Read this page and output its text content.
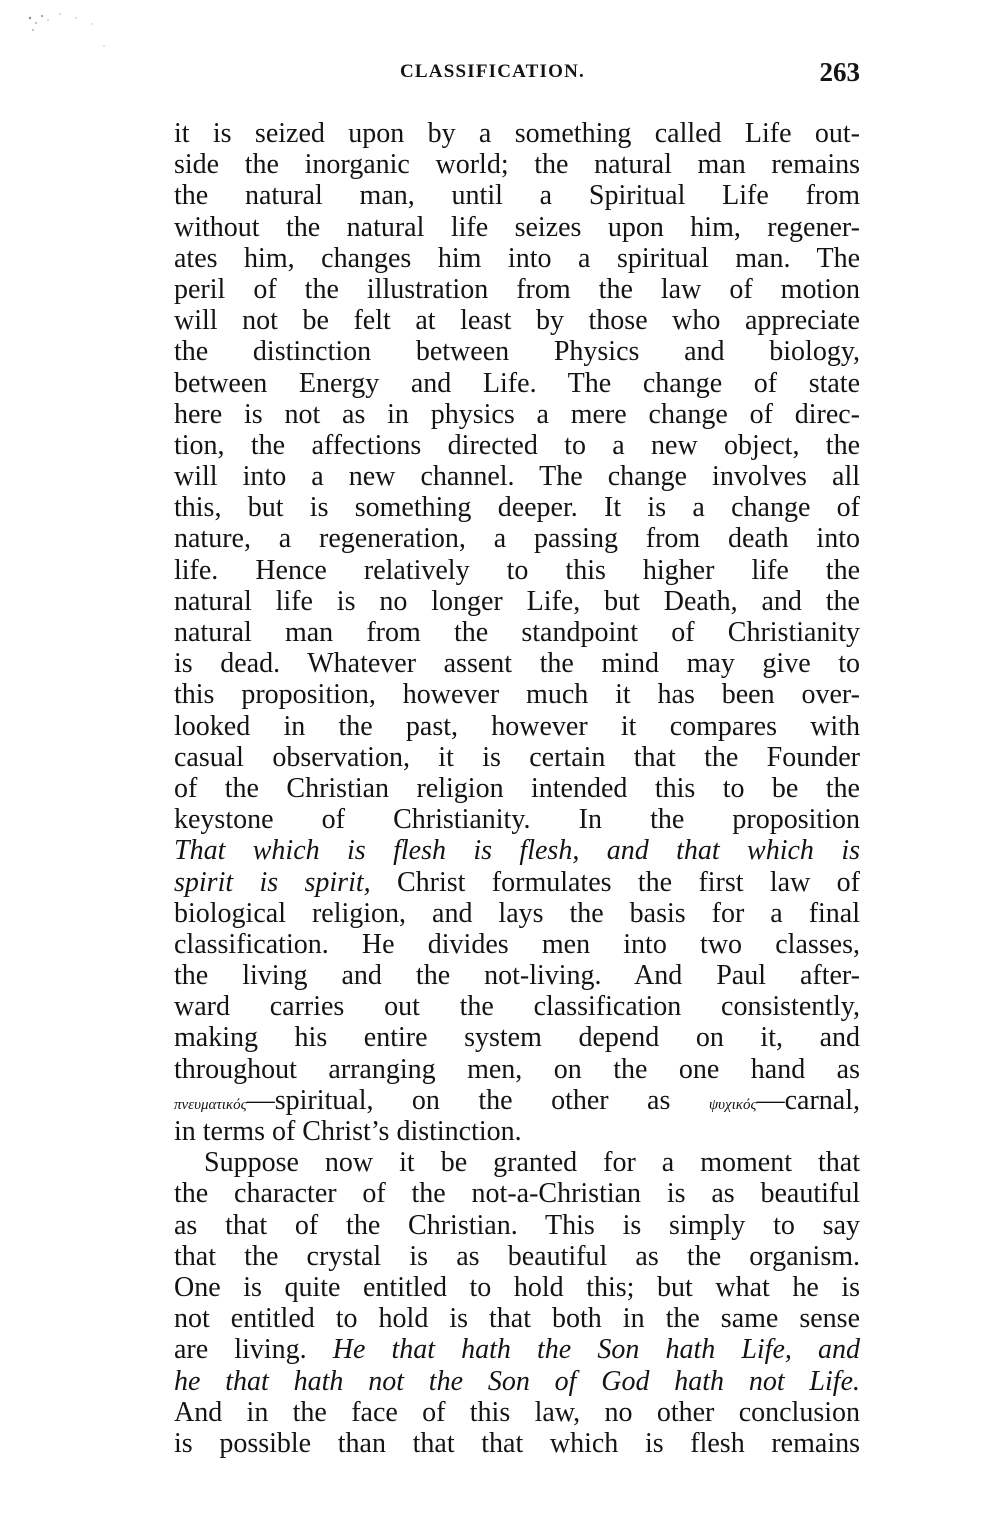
CLASSIFICATION.	263
it is seized upon by a something called Life out-
side the inorganic world; the natural man remains
the natural man, until a Spiritual Life from
without the natural life seizes upon him, regener-
ates him, changes him into a spiritual man. The
peril of the illustration from the law of motion
will not be felt at least by those who appreciate
the distinction between Physics and biology,
between Energy and Life. The change of state
here is not as in physics a mere change of direc-
tion, the affections directed to a new object, the
will into a new channel. The change involves all
this, but is something deeper. It is a change of
nature, a regeneration, a passing from death into
life. Hence relatively to this higher life the
natural life is no longer Life, but Death, and the
natural man from the standpoint of Christianity
is dead. Whatever assent the mind may give to
this proposition, however much it has been over-
looked in the past, however it compares with
casual observation, it is certain that the Founder
of the Christian religion intended this to be the
keystone of Christianity. In the proposition
That which is flesh is flesh, and that which is
spirit is spirit, Christ formulates the first law of
biological religion, and lays the basis for a final
classification. He divides men into two classes,
the living and the not-living. And Paul after-
ward carries out the classification consistently,
making his entire system depend on it, and
throughout arranging men, on the one hand as
πνευματικός—spiritual, on the other as ψυχικός—carnal,
in terms of Christ’s distinction.
Suppose now it be granted for a moment that
the character of the not-a-Christian is as beautiful
as that of the Christian. This is simply to say
that the crystal is as beautiful as the organism.
One is quite entitled to hold this; but what he is
not entitled to hold is that both in the same sense
are living. He that hath the Son hath Life, and
he that hath not the Son of God hath not Life.
And in the face of this law, no other conclusion
is possible than that that which is flesh remains
